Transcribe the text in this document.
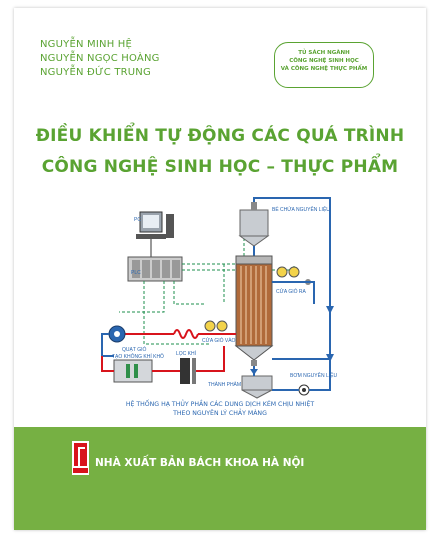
NGUYỄN MINH HỆ
NGUYỄN NGỌC HOÀNG
NGUYỄN ĐỨC TRUNG
TỦ SÁCH NGÀNH
CÔNG NGHỆ SINH HỌC
VÀ CÔNG NGHỆ THỰC PHẨM
ĐIỀU KHIỂN TỰ ĐỘNG CÁC QUÁ TRÌNH
CÔNG NGHỆ SINH HỌC – THỰC PHẨM
PC
PLC
BỂ CHỨA NGUYÊN LIỆU
CỬA GIÓ RA
CỬA GIÓ VÀO
QUẠT GIÓ
TẠO KHÔNG KHÍ KHÔ LỌC KHÍ
THÀNH PHẨM
BƠM NGUYÊN LIỆU
HỆ THỐNG HẠ THỦY PHẦN CÁC DUNG DỊCH KÉM CHỊU NHIỆT
THEO NGUYÊN LÝ CHẢY MÀNG
NHÀ XUẤT BẢN BÁCH KHOA HÀ NỘI
